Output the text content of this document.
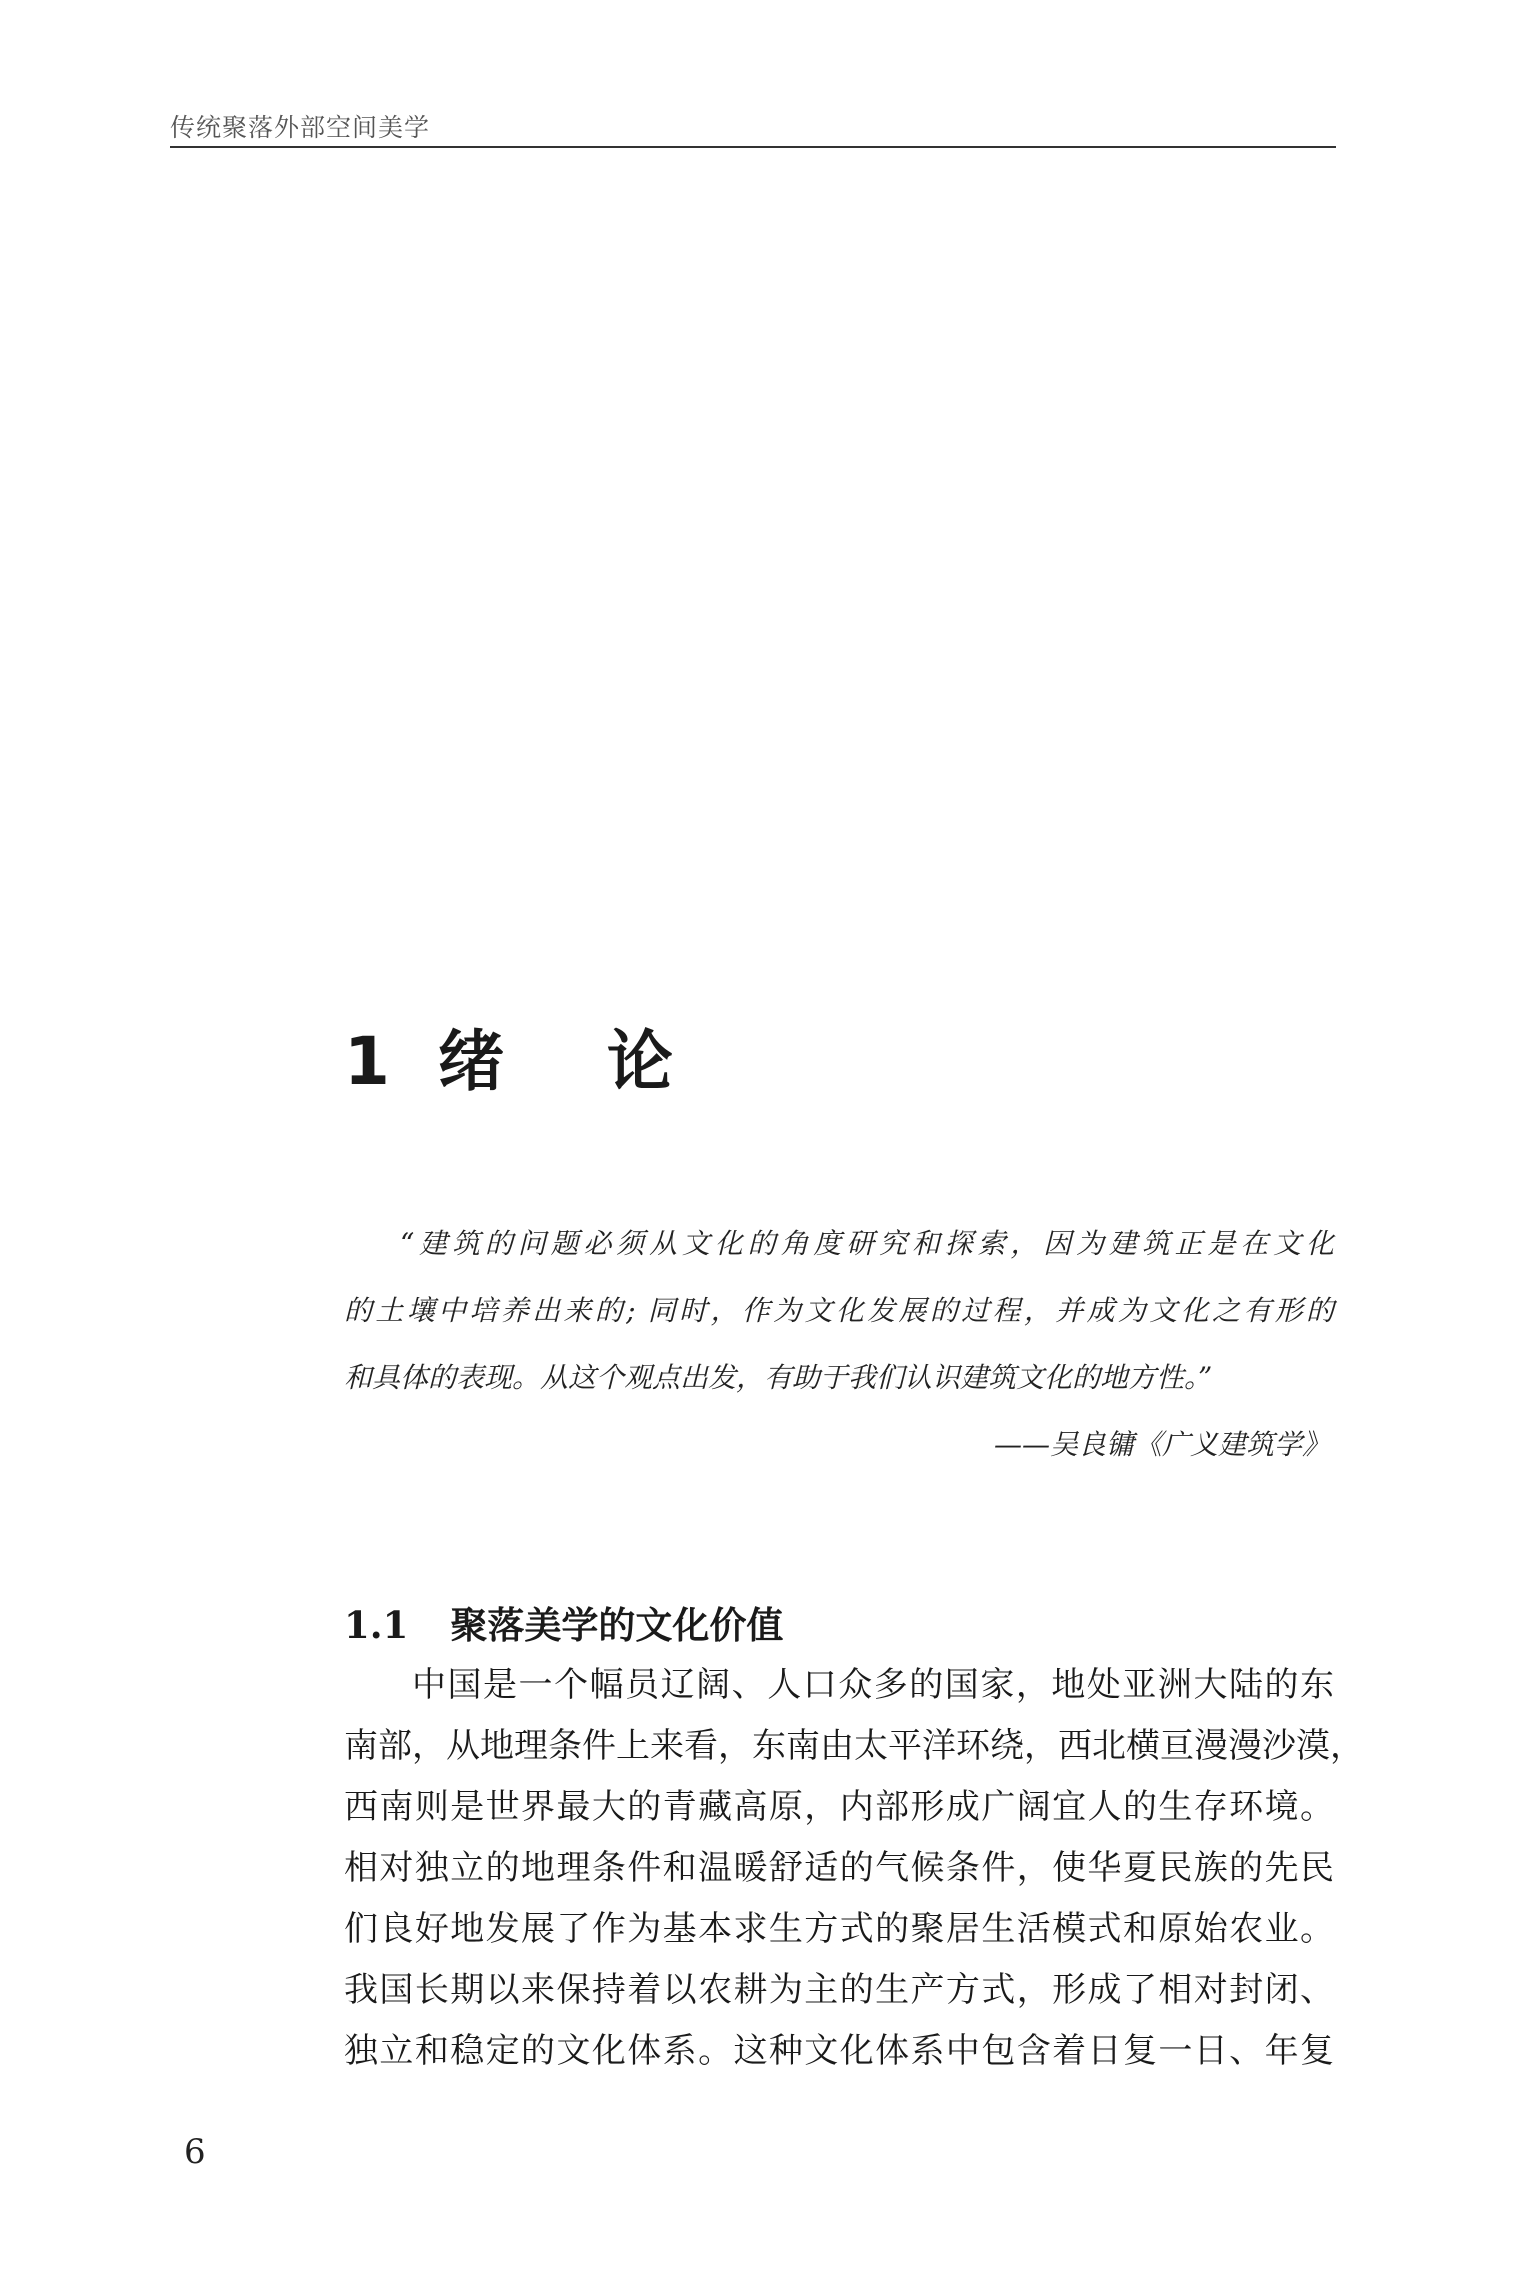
传统聚落外部空间美学
1 绪 论
“建筑的问题必须从文化的角度研究和探索，因为建筑正是在文化
的土壤中培养出来的; 同时，作为文化发展的过程，并成为文化之有形的
和具体的表现。从这个观点出发，有助于我们认识建筑文化的地方性。”
——吴良镛《广义建筑学》
1.1 聚落美学的文化价值
中国是一个幅员辽阔、人口众多的国家，地处亚洲大陆的东
南部，从地理条件上来看，东南由太平洋环绕，西北横亘漫漫沙漠，
西南则是世界最大的青藏高原，内部形成广阔宜人的生存环境。
相对独立的地理条件和温暖舒适的气候条件，使华夏民族的先民
们良好地发展了作为基本求生方式的聚居生活模式和原始农业。
我国长期以来保持着以农耕为主的生产方式，形成了相对封闭、
独立和稳定的文化体系。这种文化体系中包含着日复一日、年复
6
